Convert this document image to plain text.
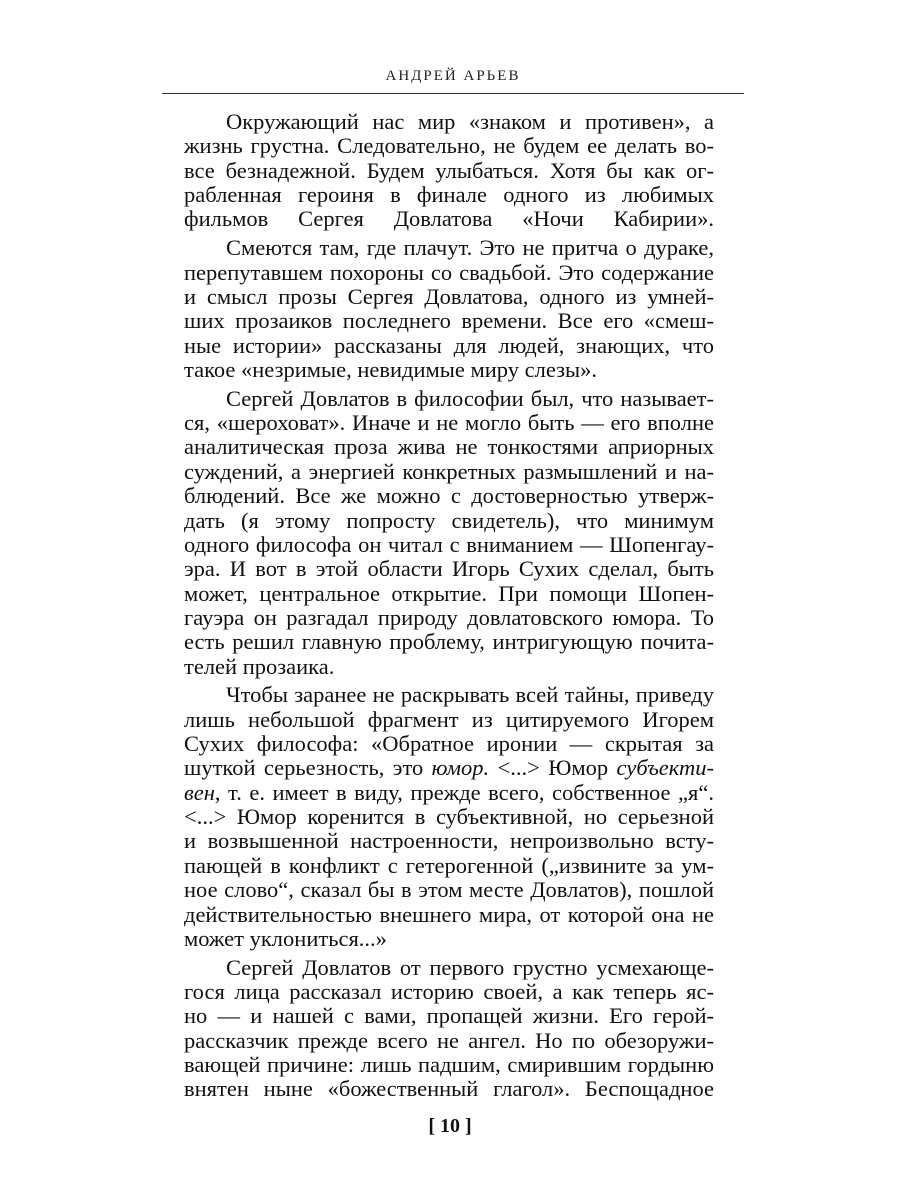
АНДРЕЙ АРЬЕВ
Окружающий нас мир «знаком и противен», а
жизнь грустна. Следовательно, не будем ее делать во-
все безнадежной. Будем улыбаться. Хотя бы как ог-
рабленная героиня в финале одного из любимых
фильмов Сергея Довлатова «Ночи Кабирии».
Смеются там, где плачут. Это не притча о дураке,
перепутавшем похороны со свадьбой. Это содержание
и смысл прозы Сергея Довлатова, одного из умней-
ших прозаиков последнего времени. Все его «смеш-
ные истории» рассказаны для людей, знающих, что
такое «незримые, невидимые миру слезы».
Сергей Довлатов в философии был, что называет-
ся, «шероховат». Иначе и не могло быть — его вполне
аналитическая проза жива не тонкостями априорных
суждений, а энергией конкретных размышлений и на-
блюдений. Все же можно с достоверностью утверж-
дать (я этому попросту свидетель), что минимум
одного философа он читал с вниманием — Шопенгау-
эра. И вот в этой области Игорь Сухих сделал, быть
может, центральное открытие. При помощи Шопен-
гауэра он разгадал природу довлатовского юмора. То
есть решил главную проблему, интригующую почита-
телей прозаика.
Чтобы заранее не раскрывать всей тайны, приведу
лишь небольшой фрагмент из цитируемого Игорем
Сухих философа: «Обратное иронии — скрытая за
шуткой серьезность, это юмор. <...> Юмор субъекти-
вен, т. е. имеет в виду, прежде всего, собственное „я“.
<...> Юмор коренится в субъективной, но серьезной
и возвышенной настроенности, непроизвольно всту-
пающей в конфликт с гетерогенной („извините за ум-
ное слово“, сказал бы в этом месте Довлатов), пошлой
действительностью внешнего мира, от которой она не
может уклониться...»
Сергей Довлатов от первого грустно усмехающе-
гося лица рассказал историю своей, а как теперь яс-
но — и нашей с вами, пропащей жизни. Его герой-
рассказчик прежде всего не ангел. Но по обезоружи-
вающей причине: лишь падшим, смирившим гордыню
внятен ныне «божественный глагол». Беспощадное
[ 10 ]
